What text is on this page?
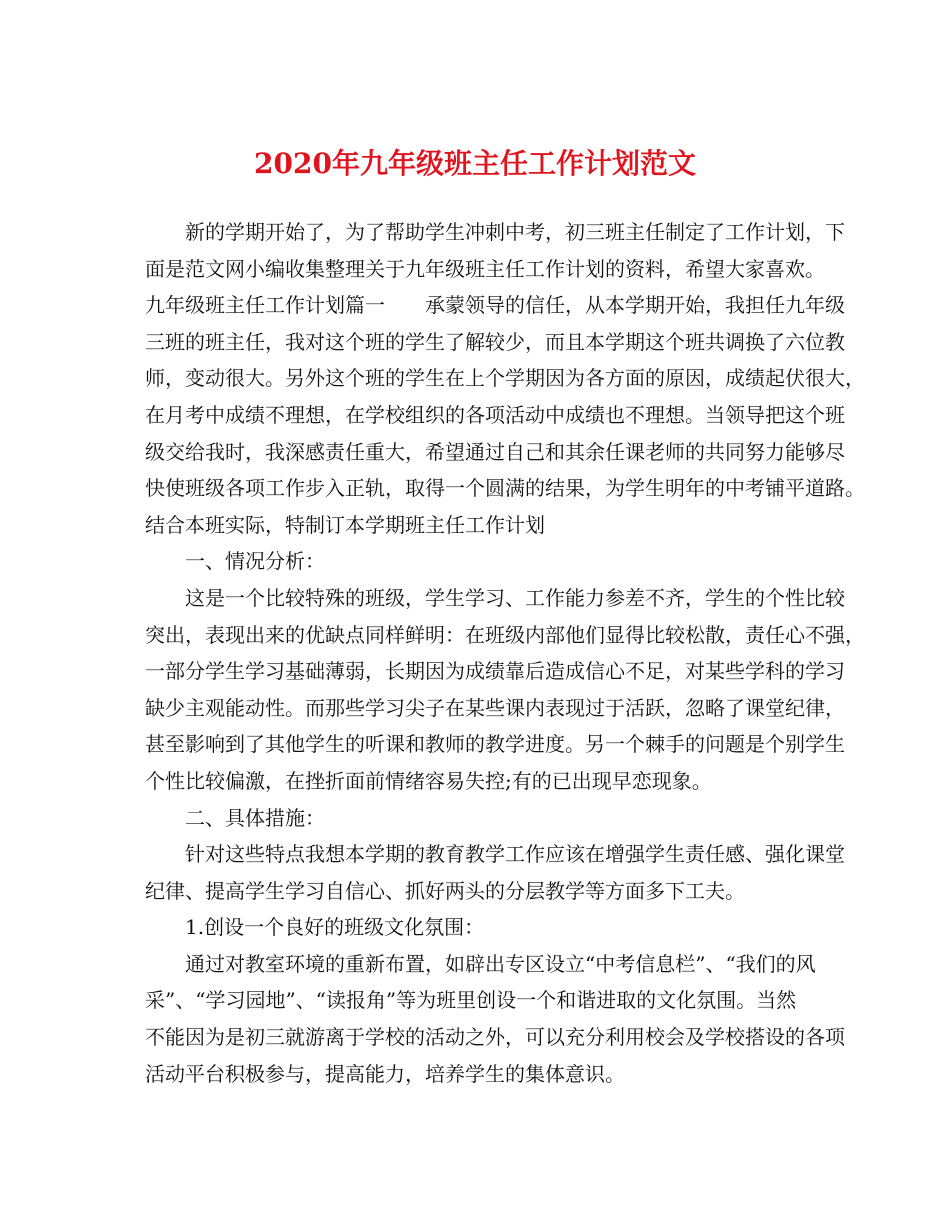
2020年九年级班主任工作计划范文

新的学期开始了，为了帮助学生冲刺中考，初三班主任制定了工作计划，下
面是范文网小编收集整理关于九年级班主任工作计划的资料，希望大家喜欢。

九年级班主任工作计划篇一 承蒙领导的信任，从本学期开始，我担任九年级
三班的班主任，我对这个班的学生了解较少，而且本学期这个班共调换了六位教
师，变动很大。另外这个班的学生在上个学期因为各方面的原因，成绩起伏很大，
在月考中成绩不理想，在学校组织的各项活动中成绩也不理想。当领导把这个班
级交给我时，我深感责任重大，希望通过自己和其余任课老师的共同努力能够尽
快使班级各项工作步入正轨，取得一个圆满的结果，为学生明年的中考铺平道路。
结合本班实际，特制订本学期班主任工作计划

一、情况分析：

这是一个比较特殊的班级，学生学习、工作能力参差不齐，学生的个性比较
突出，表现出来的优缺点同样鲜明：在班级内部他们显得比较松散，责任心不强，
一部分学生学习基础薄弱，长期因为成绩靠后造成信心不足，对某些学科的学习
缺少主观能动性。而那些学习尖子在某些课内表现过于活跃，忽略了课堂纪律，
甚至影响到了其他学生的听课和教师的教学进度。另一个棘手的问题是个别学生
个性比较偏激，在挫折面前情绪容易失控;有的已出现早恋现象。

二、具体措施：

针对这些特点我想本学期的教育教学工作应该在增强学生责任感、强化课堂
纪律、提高学生学习自信心、抓好两头的分层教学等方面多下工夫。

1.创设一个良好的班级文化氛围：

通过对教室环境的重新布置，如辟出专区设立“中考信息栏”、“我们的风
采”、“学习园地”、“读报角”等为班里创设一个和谐进取的文化氛围。当然
不能因为是初三就游离于学校的活动之外，可以充分利用校会及学校搭设的各项
活动平台积极参与，提高能力，培养学生的集体意识。
